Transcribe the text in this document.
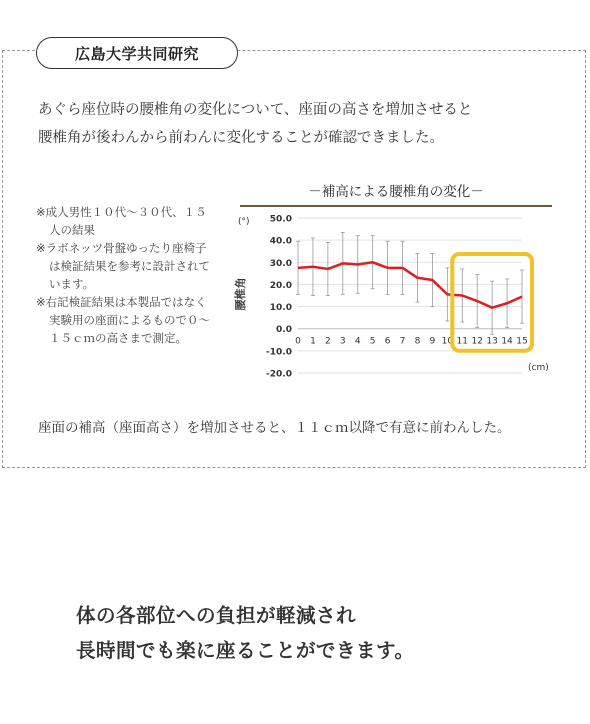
広島大学共同研究

あぐら座位時の腰椎角の変化について、座面の高さを増加させると
腰椎角が後わんから前わんに変化することが確認できました。

※成人男性１０代〜３０代、１５人の結果
※ラボネッツ骨盤ゆったり座椅子は検証結果を参考に設計されています。
※右記検証結果は本製品ではなく実験用の座面によるもので０〜１５ｃｍの高さまで測定。
－補高による腰椎角の変化－
50.0
40.0
30.0
20.0
10.0
0.0
-10.0
-20.0
0 1 2 3 4 5 6 7 8 9 10 11 12 13 14 15
(°)
(cm)
腰椎角
座面の補高（座面高さ）を増加させると、１１ｃｍ以降で有意に前わんした。

体の各部位への負担が軽減され
長時間でも楽に座ることができます。
